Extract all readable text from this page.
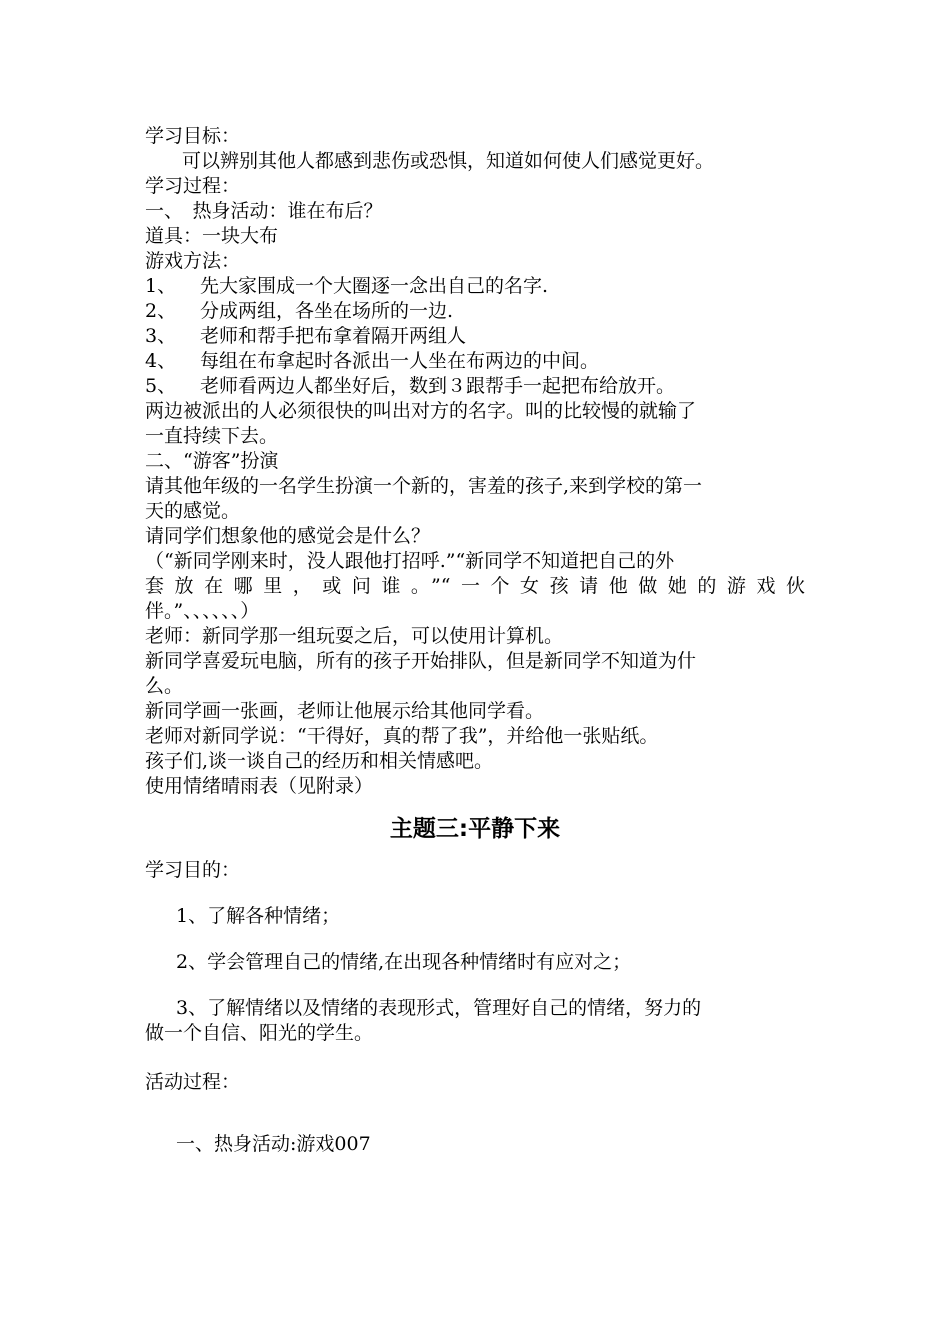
学习目标：
可以辨别其他人都感到悲伤或恐惧，知道如何使人们感觉更好。
学习过程：
一、　热身活动：谁在布后？
道具：一块大布
游戏方法：
1、 先大家围成一个大圈逐一念出自己的名字.
2、 分成两组，各坐在场所的一边.
3、 老师和帮手把布拿着隔开两组人
4、 每组在布拿起时各派出一人坐在布两边的中间。
5、 老师看两边人都坐好后，数到３跟帮手一起把布给放开。
两边被派出的人必须很快的叫出对方的名字。叫的比较慢的就输了
一直持续下去。
二、“游客”扮演
请其他年级的一名学生扮演一个新的，害羞的孩子,来到学校的第一
天的感觉。
请同学们想象他的感觉会是什么？
（“新同学刚来时，没人跟他打招呼.”“新同学不知道把自己的外
套放在哪里，或问谁。”“一个女孩请他做她的游戏伙
伴。”、、、、、、）
老师：新同学那一组玩耍之后，可以使用计算机。
新同学喜爱玩电脑，所有的孩子开始排队，但是新同学不知道为什
么。
新同学画一张画，老师让他展示给其他同学看。
老师对新同学说：“干得好，真的帮了我”，并给他一张贴纸。
孩子们,谈一谈自己的经历和相关情感吧。
使用情绪晴雨表（见附录）
主题三:平静下来
学习目的：
1、了解各种情绪；
2、学会管理自己的情绪,在出现各种情绪时有应对之；
3、了解情绪以及情绪的表现形式，管理好自己的情绪，努力的
做一个自信、阳光的学生。
活动过程：
一、热身活动:游戏007
